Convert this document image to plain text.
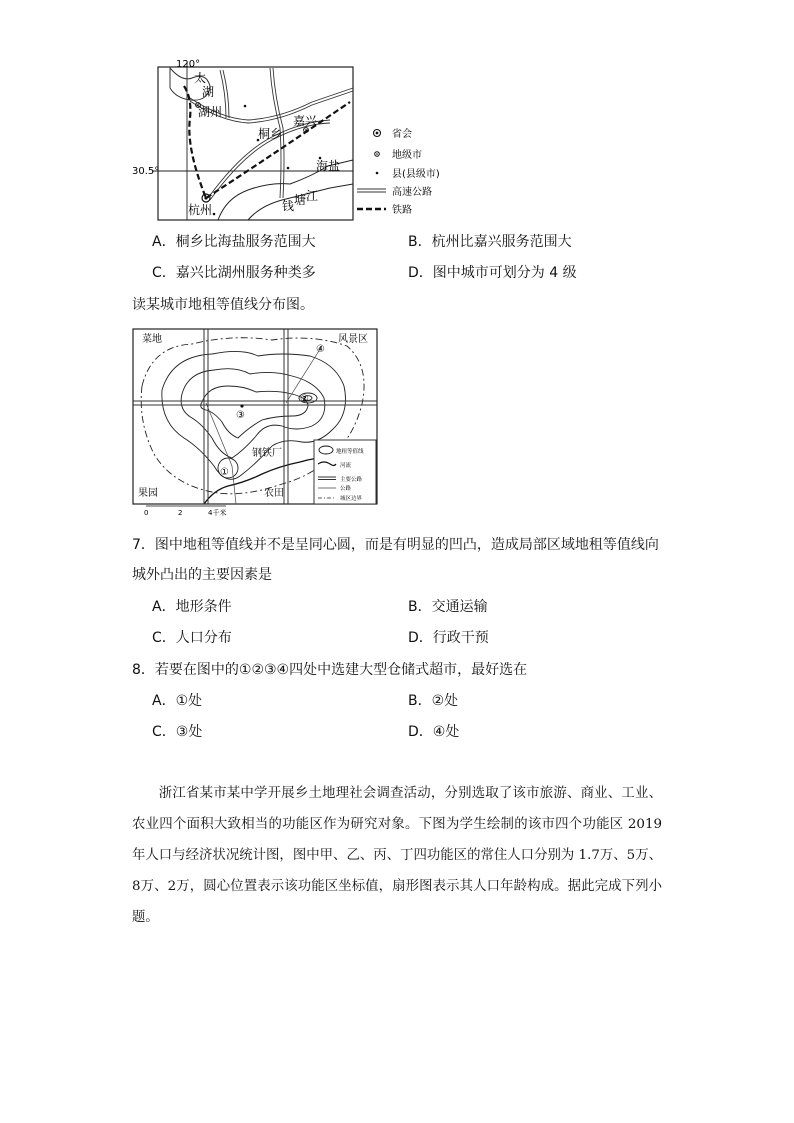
120°
30.5°
太
湖
湖州
嘉兴
桐乡
海盐
杭州	钱 塘 江
省会
地级市
县(县级市)
高速公路
铁路
A．桐乡比海盐服务范围大	B．杭州比嘉兴服务范围大
C．嘉兴比湖州服务种类多	D．图中城市可划分为 4 级
读某城市地租等值线分布图。
①
②
③
④
菜地	风景区
果园
钢铁厂
农田
地租等值线
河流
主要公路
公路
城区边界
0	2	4千米
7．图中地租等值线并不是呈同心圆，而是有明显的凹凸，造成局部区域地租等值线向
城外凸出的主要因素是
A．地形条件	B．交通运输
C．人口分布	D．行政干预
8．若要在图中的①②③④四处中选建大型仓储式超市，最好选在
A．①处	B．②处
C．③处	D．④处
浙江省某市某中学开展乡土地理社会调查活动，分别选取了该市旅游、商业、工业、农业四个面积大致相当的功能区作为研究对象。下图为学生绘制的该市四个功能区 2019 年人口与经济状况统计图，图中甲、乙、丙、丁四功能区的常住人口分别为 1.7万、5万、8万、2万，圆心位置表示该功能区坐标值，扇形图表示其人口年龄构成。据此完成下列小题。
